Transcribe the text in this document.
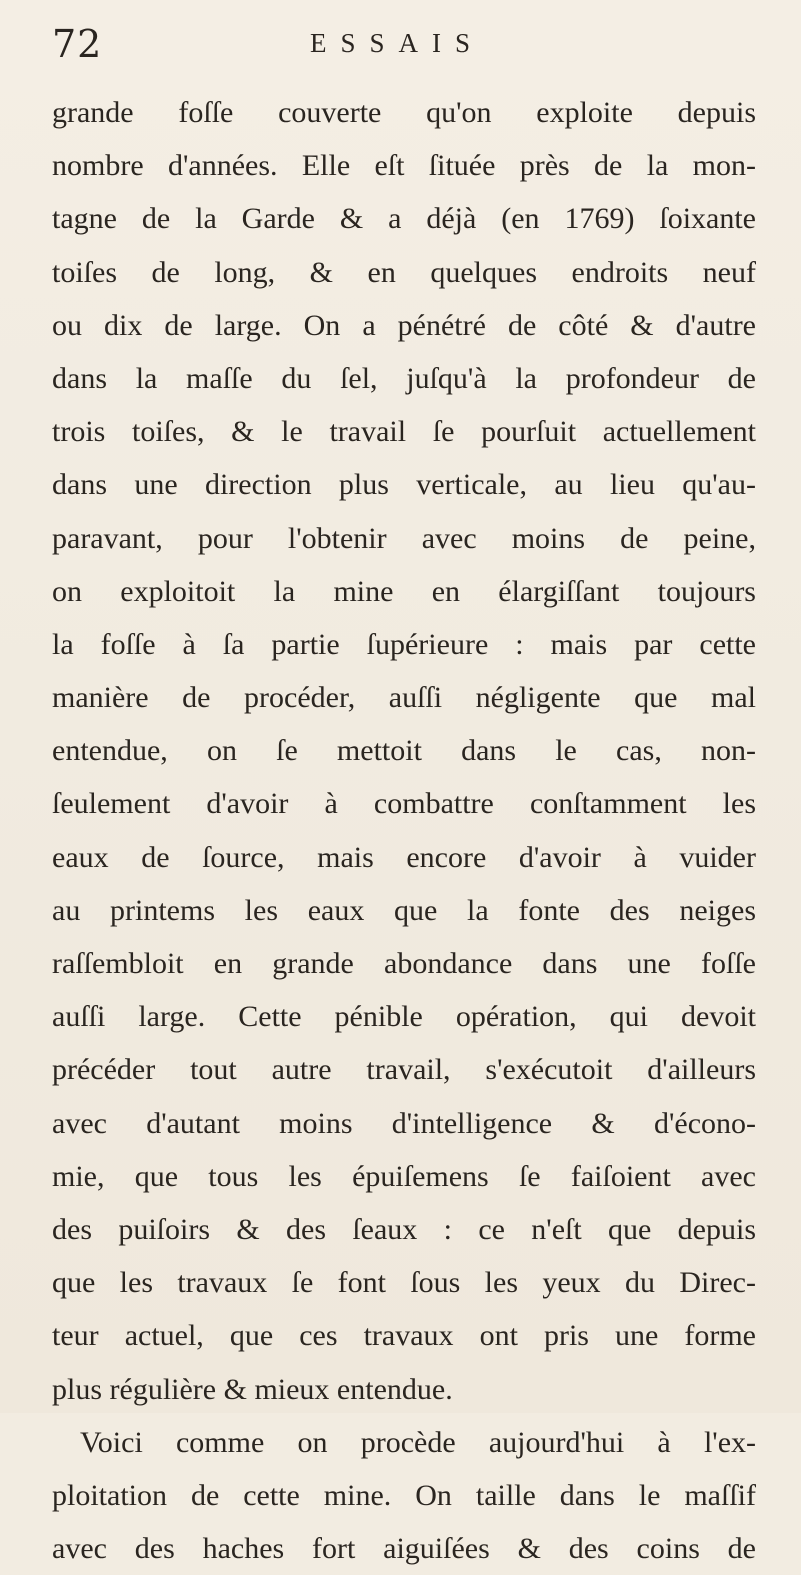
72	ESSAIS
grande foſſe couverte qu'on exploite depuis
nombre d'années. Elle eſt ſituée près de la mon-
tagne de la Garde & a déjà (en 1769) ſoixante
toiſes de long, & en quelques endroits neuf
ou dix de large. On a pénétré de côté & d'autre
dans la maſſe du ſel, juſqu'à la profondeur de
trois toiſes, & le travail ſe pourſuit actuellement
dans une direction plus verticale, au lieu qu'au-
paravant, pour l'obtenir avec moins de peine,
on exploitoit la mine en élargiſſant toujours
la foſſe à ſa partie ſupérieure : mais par cette
manière de procéder, auſſi négligente que mal
entendue, on ſe mettoit dans le cas, non-
ſeulement d'avoir à combattre conſtamment les
eaux de ſource, mais encore d'avoir à vuider
au printems les eaux que la fonte des neiges
raſſembloit en grande abondance dans une foſſe
auſſi large. Cette pénible opération, qui devoit
précéder tout autre travail, s'exécutoit d'ailleurs
avec d'autant moins d'intelligence & d'écono-
mie, que tous les épuiſemens ſe faiſoient avec
des puiſoirs & des ſeaux : ce n'eſt que depuis
que les travaux ſe font ſous les yeux du Direc-
teur actuel, que ces travaux ont pris une forme
plus régulière & mieux entendue.
Voici comme on procède aujourd'hui à l'ex-
ploitation de cette mine. On taille dans le maſſif
avec des haches fort aiguiſées & des coins de
